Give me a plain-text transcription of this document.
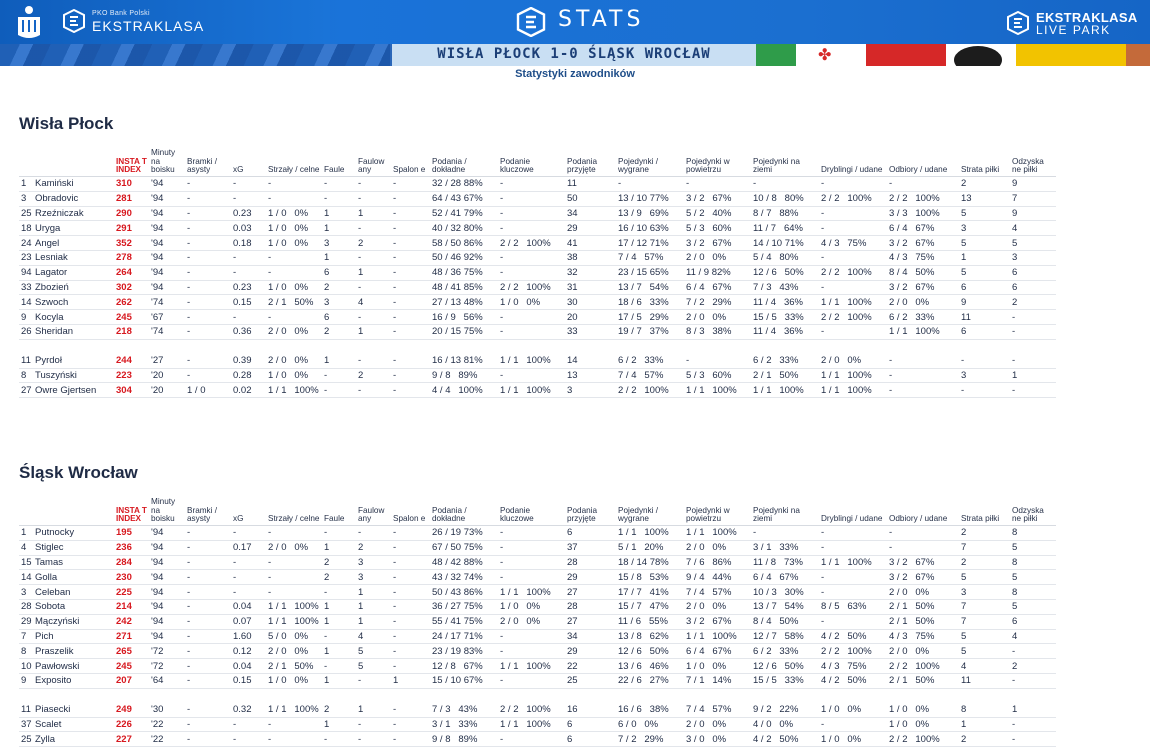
PKO Bank Polski
EKSTRAKLASA	STATS	EKSTRAKLASA
LIVE PARK
WISŁA PŁOCK 1-0 ŚLĄSK WROCŁAW	✤
Statystyki zawodników
Wisła Płock
	INSTA T INDEX	Minuty na boisku	Bramki / asysty	xG	Strzały / celne	Faule	Faulow any	Spalon e	Podania / dokładne	Podanie kluczowe	Podania przyjęte	Pojedynki / wygrane	Pojedynki w powietrzu	Pojedynki na ziemi	Dryblingi / udane	Odbiory / udane	Strata piłki	Odzyska ne piłki
1 Kamiński	310	'94	-	-	-	-	-	-	32 / 28 88%	-	11	-	-	-	-	-	2	9
3 Obradovic	281	'94	-	-	-	-	-	-	64 / 43 67%	-	50	13 / 10 77%	3 / 2   67%	10 / 8   80%	2 / 2   100%	2 / 2   100%	13	7
25 Rzeźniczak	290	'94	-	0.23	1 / 0   0%	1	1	-	52 / 41 79%	-	34	13 / 9   69%	5 / 2   40%	8 / 7   88%	-	3 / 3   100%	5	9
18 Uryga	291	'94	-	0.03	1 / 0   0%	1	-	-	40 / 32 80%	-	29	16 / 10 63%	5 / 3   60%	11 / 7   64%	-	6 / 4   67%	3	4
24 Angel	352	'94	-	0.18	1 / 0   0%	3	2	-	58 / 50 86%	2 / 2   100%	41	17 / 12 71%	3 / 2   67%	14 / 10 71%	4 / 3   75%	3 / 2   67%	5	5
23 Lesniak	278	'94	-	-	-	1	-	-	50 / 46 92%	-	38	7 / 4   57%	2 / 0   0%	5 / 4   80%	-	4 / 3   75%	1	3
94 Lagator	264	'94	-	-	-	6	1	-	48 / 36 75%	-	32	23 / 15 65%	11 / 9 82%	12 / 6   50%	2 / 2   100%	8 / 4   50%	5	6
33 Zbozień	302	'94	-	0.23	1 / 0   0%	2	-	-	48 / 41 85%	2 / 2   100%	31	13 / 7   54%	6 / 4   67%	7 / 3   43%	-	3 / 2   67%	6	6
14 Szwoch	262	'74	-	0.15	2 / 1   50%	3	4	-	27 / 13 48%	1 / 0   0%	30	18 / 6   33%	7 / 2   29%	11 / 4   36%	1 / 1   100%	2 / 0   0%	9	2
9 Kocyla	245	'67	-	-	-	6	-	-	16 / 9   56%	-	20	17 / 5   29%	2 / 0   0%	15 / 5   33%	2 / 2   100%	6 / 2   33%	11	-
26 Sheridan	218	'74	-	0.36	2 / 0   0%	2	1	-	20 / 15 75%	-	33	19 / 7   37%	8 / 3   38%	11 / 4   36%	-	1 / 1   100%	6	-

11 Pyrdoł	244	'27	-	0.39	2 / 0   0%	1	-	-	16 / 13 81%	1 / 1   100%	14	6 / 2   33%	-	6 / 2   33%	2 / 0   0%	-	-	-
8 Tuszyński	223	'20	-	0.28	1 / 0   0%	-	2	-	9 / 8   89%	-	13	7 / 4   57%	5 / 3   60%	2 / 1   50%	1 / 1   100%	-	3	1
27 Owre Gjertsen	304	'20	1 / 0	0.02	1 / 1   100%	-	-	-	4 / 4   100%	1 / 1   100%	3	2 / 2   100%	1 / 1   100%	1 / 1   100%	1 / 1   100%	-	-	-
Śląsk Wrocław
	INSTA T INDEX	Minuty na boisku	Bramki / asysty	xG	Strzały / celne	Faule	Faulow any	Spalon e	Podania / dokładne	Podanie kluczowe	Podania przyjęte	Pojedynki / wygrane	Pojedynki w powietrzu	Pojedynki na ziemi	Dryblingi / udane	Odbiory / udane	Strata piłki	Odzyska ne piłki
1 Putnocky	195	'94	-	-	-	-	-	-	26 / 19 73%	-	6	1 / 1   100%	1 / 1   100%	-	-	-	2	8
4 Stiglec	236	'94	-	0.17	2 / 0   0%	1	2	-	67 / 50 75%	-	37	5 / 1   20%	2 / 0   0%	3 / 1   33%	-	-	7	5
15 Tamas	284	'94	-	-	-	2	3	-	48 / 42 88%	-	28	18 / 14 78%	7 / 6   86%	11 / 8   73%	1 / 1   100%	3 / 2   67%	2	8
14 Golla	230	'94	-	-	-	2	3	-	43 / 32 74%	-	29	15 / 8   53%	9 / 4   44%	6 / 4   67%	-	3 / 2   67%	5	5
3 Celeban	225	'94	-	-	-	-	1	-	50 / 43 86%	1 / 1   100%	27	17 / 7   41%	7 / 4   57%	10 / 3   30%	-	2 / 0   0%	3	8
28 Sobota	214	'94	-	0.04	1 / 1   100%	1	1	-	36 / 27 75%	1 / 0   0%	28	15 / 7   47%	2 / 0   0%	13 / 7   54%	8 / 5   63%	2 / 1   50%	7	5
29 Mączyński	242	'94	-	0.07	1 / 1   100%	1	1	-	55 / 41 75%	2 / 0   0%	27	11 / 6   55%	3 / 2   67%	8 / 4   50%	-	2 / 1   50%	7	6
7 Pich	271	'94	-	1.60	5 / 0   0%	-	4	-	24 / 17 71%	-	34	13 / 8   62%	1 / 1   100%	12 / 7   58%	4 / 2   50%	4 / 3   75%	5	4
8 Praszelik	265	'72	-	0.12	2 / 0   0%	1	5	-	23 / 19 83%	-	29	12 / 6   50%	6 / 4   67%	6 / 2   33%	2 / 2   100%	2 / 0   0%	5	-
10 Pawłowski	245	'72	-	0.04	2 / 1   50%	-	5	-	12 / 8   67%	1 / 1   100%	22	13 / 6   46%	1 / 0   0%	12 / 6   50%	4 / 3   75%	2 / 2   100%	4	2
9 Exposito	207	'64	-	0.15	1 / 0   0%	1	-	1	15 / 10 67%	-	25	22 / 6   27%	7 / 1   14%	15 / 5   33%	4 / 2   50%	2 / 1   50%	11	-

11 Piasecki	249	'30	-	0.32	1 / 1   100%	2	1	-	7 / 3   43%	2 / 2   100%	16	16 / 6   38%	7 / 4   57%	9 / 2   22%	1 / 0   0%	1 / 0   0%	8	1
37 Scalet	226	'22	-	-	-	1	-	-	3 / 1   33%	1 / 1   100%	6	6 / 0   0%	2 / 0   0%	4 / 0   0%	-	1 / 0   0%	1	-
25 Zylla	227	'22	-	-	-	-	-	-	9 / 8   89%	-	6	7 / 2   29%	3 / 0   0%	4 / 2   50%	1 / 0   0%	2 / 2   100%	2	-
